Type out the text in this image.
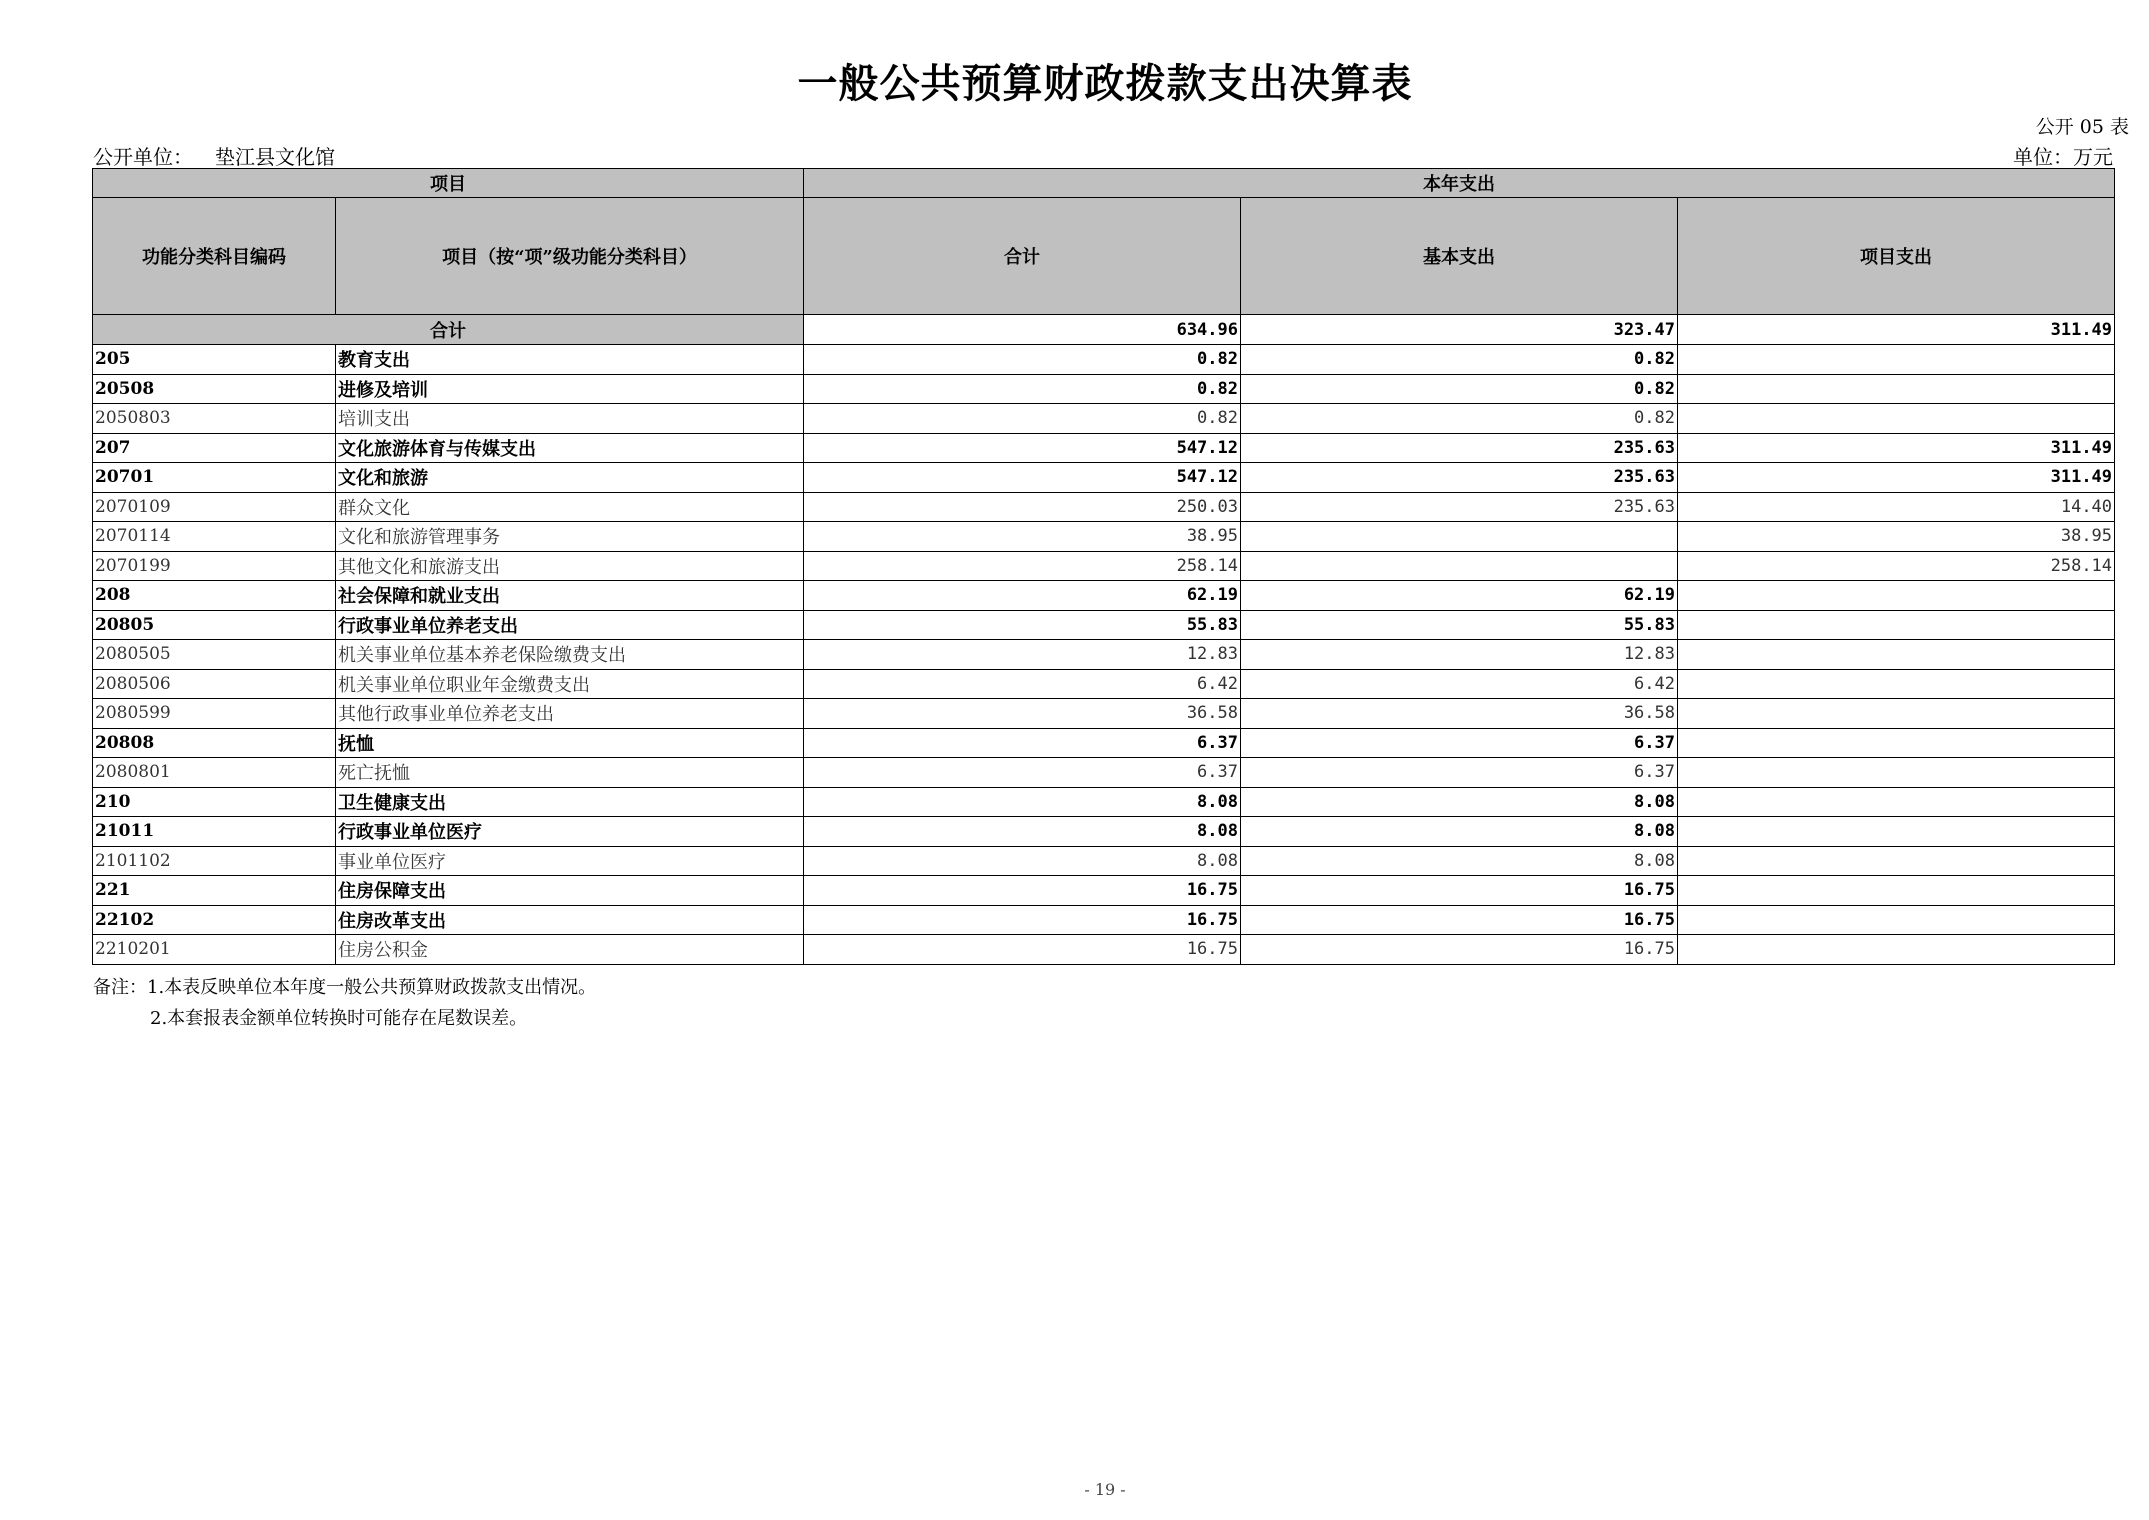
一般公共预算财政拨款支出决算表
公开 05 表
公开单位： 垫江县文化馆	单位：万元
项目		本年支出		
功能分类科目编码	项目（按“项”级功能分类科目）	合计	基本支出	项目支出
合计		634.96	323.47	311.49
205	教育支出	0.82	0.82	
20508	进修及培训	0.82	0.82	
2050803	培训支出	0.82	0.82	
207	文化旅游体育与传媒支出	547.12	235.63	311.49
20701	文化和旅游	547.12	235.63	311.49
2070109	群众文化	250.03	235.63	14.40
2070114	文化和旅游管理事务	38.95		38.95
2070199	其他文化和旅游支出	258.14		258.14
208	社会保障和就业支出	62.19	62.19	
20805	行政事业单位养老支出	55.83	55.83	
2080505	机关事业单位基本养老保险缴费支出	12.83	12.83	
2080506	机关事业单位职业年金缴费支出	6.42	6.42	
2080599	其他行政事业单位养老支出	36.58	36.58	
20808	抚恤	6.37	6.37	
2080801	死亡抚恤	6.37	6.37	
210	卫生健康支出	8.08	8.08	
21011	行政事业单位医疗	8.08	8.08	
2101102	事业单位医疗	8.08	8.08	
221	住房保障支出	16.75	16.75	
22102	住房改革支出	16.75	16.75	
2210201	住房公积金	16.75	16.75	
备注：1.本表反映单位本年度一般公共预算财政拨款支出情况。
2.本套报表金额单位转换时可能存在尾数误差。
- 19 -
